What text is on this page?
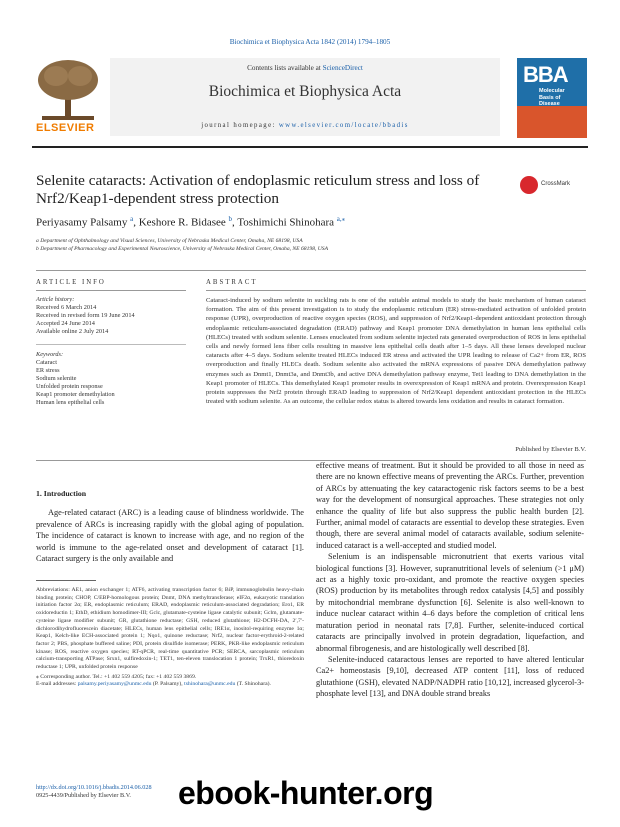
Biochimica et Biophysica Acta 1842 (2014) 1794–1805
ELSEVIER
Contents lists available at ScienceDirect
Biochimica et Biophysica Acta
journal homepage: www.elsevier.com/locate/bbadis
BBA
Molecular
Basis of
Disease
Selenite cataracts: Activation of endoplasmic reticulum stress and loss of Nrf2/Keap1-dependent stress protection
CrossMark
Periyasamy Palsamy $^a$, Keshore R. Bidasee $^b$, Toshimichi Shinohara $^{a,⁎}$
a Department of Ophthalmology and Visual Sciences, University of Nebraska Medical Center, Omaha, NE 68198, USA
b Department of Pharmacology and Experimental Neuroscience, University of Nebraska Medical Center, Omaha, NE 68198, USA
ARTICLE INFO	ABSTRACT
Article history:
Received 6 March 2014
Received in revised form 19 June 2014
Accepted 24 June 2014
Available online 2 July 2014
Keywords:
Cataract
ER stress
Sodium selenite
Unfolded protein response
Keap1 promoter demethylation
Human lens epithelial cells
Cataract-induced by sodium selenite in suckling rats is one of the suitable animal models to study the basic mechanism of human cataract formation. The aim of this present investigation is to study the endoplasmic reticulum (ER) stress-mediated activation of unfolded protein response (UPR), overproduction of reactive oxygen species (ROS), and suppression of Nrf2/Keap1-dependent antioxidant protection through endoplasmic reticulum-associated degradation (ERAD) pathway and Keap1 promoter DNA demethylation in human lens epithelial cells (HLECs) treated with sodium selenite. Lenses enucleated from sodium selenite injected rats generated overproduction of ROS in lens epithelial cells and newly formed lens fiber cells resulting in massive lens epithelial cells death after 1–5 days. All these lenses developed nuclear cataracts after 4–5 days. Sodium selenite treated HLECs induced ER stress and activated the UPR leading to release of Ca2+ from ER, ROS overproduction and finally HLECs death. Sodium selenite also activated the mRNA expressions of passive DNA demethylation pathway enzymes such as Dnmt1, Dnmt3a, and Dnmt3b, and active DNA demethylation pathway enzyme, Tet1 leading to DNA demethylation in the Keap1 promoter of HLECs. This demethylated Keap1 promoter results in overexpression of Keap1 mRNA and protein. Overexpression Keap1 protein suppresses the Nrf2 protein through ERAD leading to suppression of Nrf2/Keap1 dependent antioxidant protection in the HLECs treated with sodium selenite. As an outcome, the cellular redox status is altered towards lens oxidation and results in cataract formation.
Published by Elsevier B.V.
1. Introduction

Age-related cataract (ARC) is a leading cause of blindness worldwide. The prevalence of ARCs is increasing rapidly with the global aging of population. The incidence of cataract is known to increase with age, and no region of the world is immune to the age-related onset and development of cataract [1]. Cataract surgery is the only available and

Abbreviations: AE1, anion exchanger 1; ATF6, activating transcription factor 6; BiP, immunoglobulin heavy-chain binding protein; CHOP, C/EBP-homologous protein; Dnmt, DNA methyltransferase; eIF2α, eukaryotic translation initiation factor 2α; ER, endoplasmic reticulum; ERAD, endoplasmic reticulum-associated degradation; Ero1, ER oxidoreductin 1; EthD, ethidium homodimer-III; Gclc, glutamate-cysteine ligase catalytic subunit; Gclm, glutamate-cysteine ligase modifier subunit; GR, glutathione reductase; GSH, reduced glutathione; H2-DCFH-DA, 2′,7′-dichlorodihydrofluorescein diacetate; HLECs, human lens epithelial cells; IRE1α, inositol-requiring enzyme 1α; Keap1, Kelch-like ECH-associated protein 1; Nqo1, quinone reductase; Nrf2, nuclear factor-erythroid-2-related factor 2; PBS, phosphate buffered saline; PDI, protein disulfide isomerase; PERK, PKR-like endoplasmic reticulum kinase; ROS, reactive oxygen species; RT-qPCR, real-time quantitative PCR; SERCA, sarcoplasmic reticulum calcium-transporting ATPase; Srxn1, sulfiredoxin-1; TET1, ten-eleven translocation 1 protein; TrxR1, thioredoxin reductase 1; UPR, unfolded protein response

⁎ Corresponding author. Tel.: +1 402 559 4205; fax: +1 402 559 3869.

E-mail addresses: palsamy.periyasamy@unmc.edu (P. Palsamy), tshinohara@unmc.edu (T. Shinohara).

effective means of treatment. But it should be provided to all those in need as there are no known effective means of preventing the ARCs. Further, prevention of ARCs by attenuating the key cataractogenic risk factors seems to be a best way for the development of nonsurgical approaches. These strategies not only enhance the quality of life but also suppress the public health burden [2]. Further, animal model of cataracts are essential to develop these strategies. Even though, there are several animal model of cataracts available, sodium selenite-induced cataract is a well-accepted and studied model.

Selenium is an indispensable micronutrient that exerts various vital biological functions [3]. However, supranutritional levels of selenium (>1 μM) act as a highly toxic pro-oxidant, and promote the reactive oxygen species (ROS) production by its metabolites through redox catalysis [4,5] and possibly by mitochondrial membrane dysfunction [6]. Selenite is also well-known to induce nuclear cataract within 4–6 days before the completion of critical lens maturation period in neonatal rats [7,8]. Further, selenite-induced cortical cataracts are principally involved in protein degradation, liquefaction, and abnormal fibrogenesis, and are histologically well described [8].

Selenite-induced cataractous lenses are reported to have altered lenticular Ca2+ homeostasis [9,10], decreased ATP content [11], loss of reduced glutathione (GSH), elevated NADP/NADPH ratio [10,12], increased glycerol-3-phosphate level [13], and DNA double strand breaks

http://dx.doi.org/10.1016/j.bbadis.2014.06.028
0925-4439/Published by Elsevier B.V.	ebook-hunter.org
